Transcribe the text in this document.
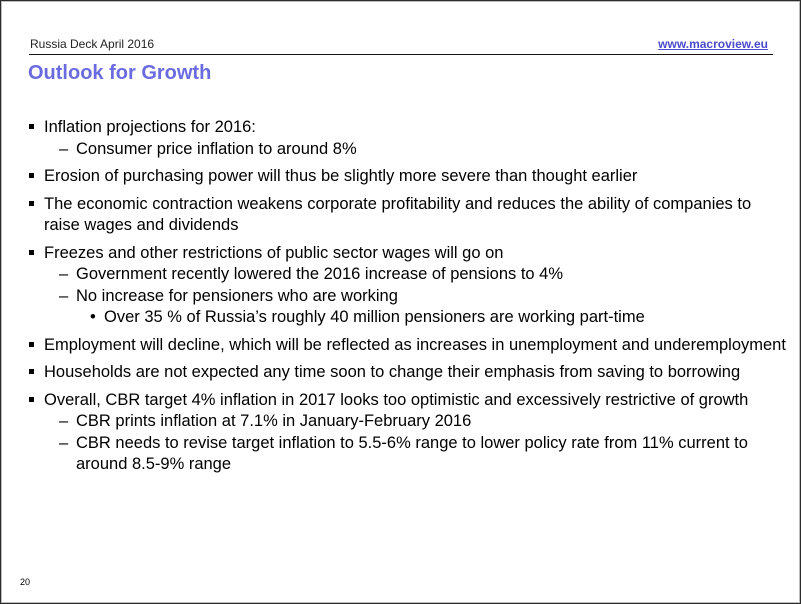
Russia Deck April 2016	www.macroview.eu
Outlook for Growth
Inflation projections for 2016:
– Consumer price inflation to around 8%
Erosion of purchasing power will thus be slightly more severe than thought earlier
The economic contraction weakens corporate profitability and reduces the ability of companies to raise wages and dividends
Freezes and other restrictions of public sector wages will go on
– Government recently lowered the 2016 increase of pensions to 4%
– No increase for pensioners who are working
• Over 35 % of Russia’s roughly 40 million pensioners are working part-time
Employment will decline, which will be reflected as increases in unemployment and underemployment
Households are not expected any time soon to change their emphasis from saving to borrowing
Overall, CBR target 4% inflation in 2017 looks too optimistic and excessively restrictive of growth
– CBR prints inflation at 7.1% in January-February 2016
– CBR needs to revise target inflation to 5.5-6% range to lower policy rate from 11% current to around 8.5-9% range
20
